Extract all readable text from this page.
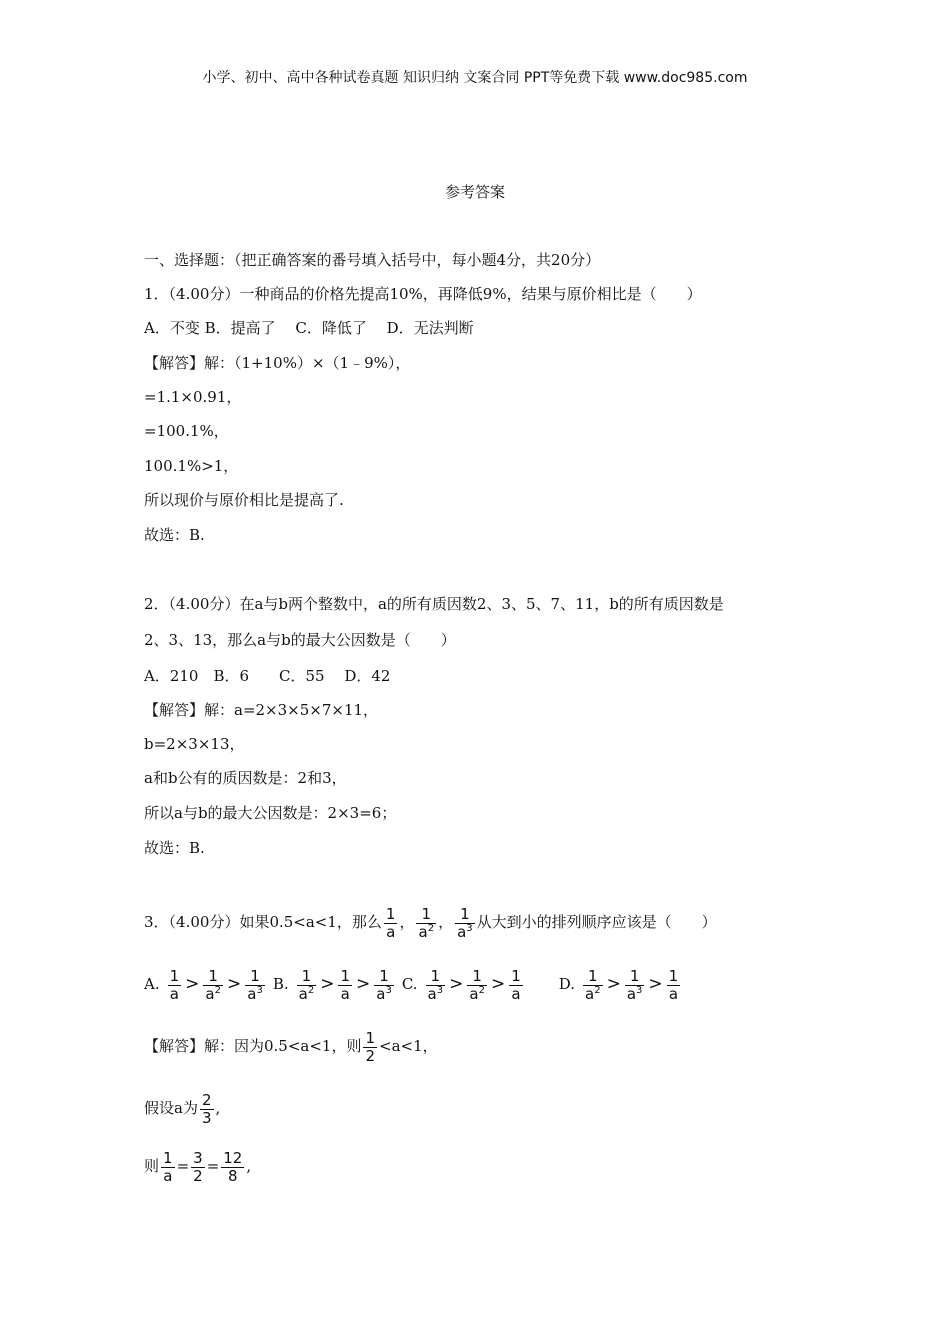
小学、初中、高中各种试卷真题 知识归纳 文案合同 PPT等免费下载 www.doc985.com
参考答案
一、选择题：（把正确答案的番号填入括号中，每小题4分，共20分）
1．（4.00分）一种商品的价格先提高10%，再降低9%，结果与原价相比是（　　）
A．不变 B．提高了　 C．降低了　 D．无法判断
【解答】解：（1+10%）×（1﹣9%），
=1.1×0.91，
=100.1%，
100.1%>1，
所以现价与原价相比是提高了.
故选：B.
2．（4.00分）在a与b两个整数中，a的所有质因数2、3、5、7、11，b的所有质因数是
2、3、13，那么a与b的最大公因数是（　　）
A．210　B．6　　C．55　 D．42
【解答】解：a=2×3×5×7×11，
b=2×3×13，
a和b公有的质因数是：2和3，
所以a与b的最大公因数是：2×3=6；
故选：B.
3．（4.00分）如果0.5<a<1，那么 $\frac{1}{a}$ ， $\frac{1}{a^2}$ ， $\frac{1}{a^3}$ 从大到小的排列顺序应该是（　　）
A. $\frac{1}{a} > \frac{1}{a^2} > \frac{1}{a^3} B$. $\frac{1}{a^2} > \frac{1}{a} > \frac{1}{a^3} C$. $\frac{1}{a^3} > \frac{1}{a^2} > \frac{1}{a} D$. $\frac{1}{a^2} > \frac{1}{a^3} > \frac{1}{a}$
【解答】解：因为0.5<a<1，则 $\frac{1}{2} <a<1$，
假设a为 $\frac{2}{3}$ ,
则 $\frac{1}{a} = \frac{3}{2} = \frac{12}{8}$ ,
